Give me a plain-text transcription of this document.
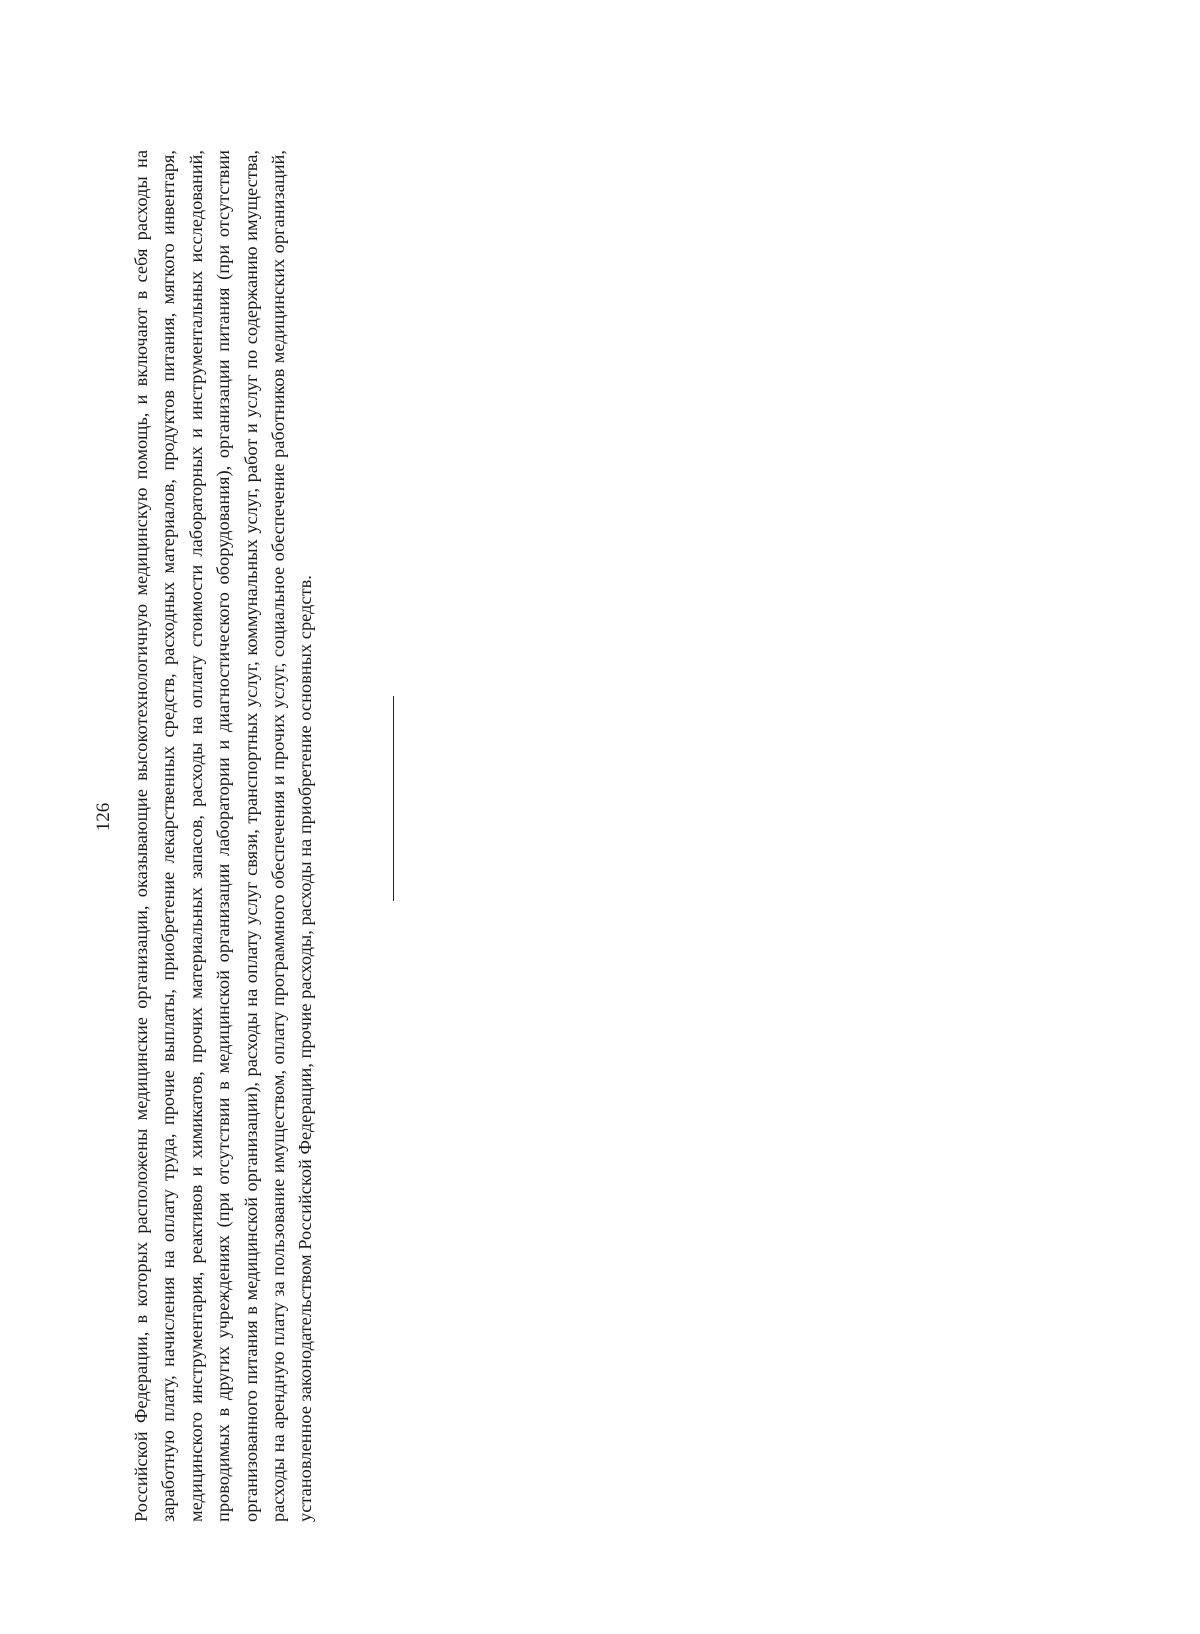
126 Российской Федерации, в которых расположены медицинские организации, оказывающие высокотехнологичную медицинскую помощь, и включают в себя расходы на заработную плату, начисления на оплату труда, прочие выплаты, приобретение лекарственных средств, расходных материалов, продуктов питания, мягкого инвентаря, медицинского инструментария, реактивов и химикатов, прочих материальных запасов, расходы на оплату стоимости лабораторных и инструментальных исследований, проводимых в других учреждениях (при отсутствии в медицинской организации лаборатории и диагностического оборудования), организации питания (при отсутствии организованного питания в медицинской организации), расходы на оплату услуг связи, транспортных услуг, коммунальных услуг, работ и услуг по содержанию имущества, расходы на арендную плату за пользование имуществом, оплату программного обеспечения и прочих услуг, социальное обеспечение работников медицинских организаций, установленное законодательством Российской Федерации, прочие расходы, расходы на приобретение основных средств.
